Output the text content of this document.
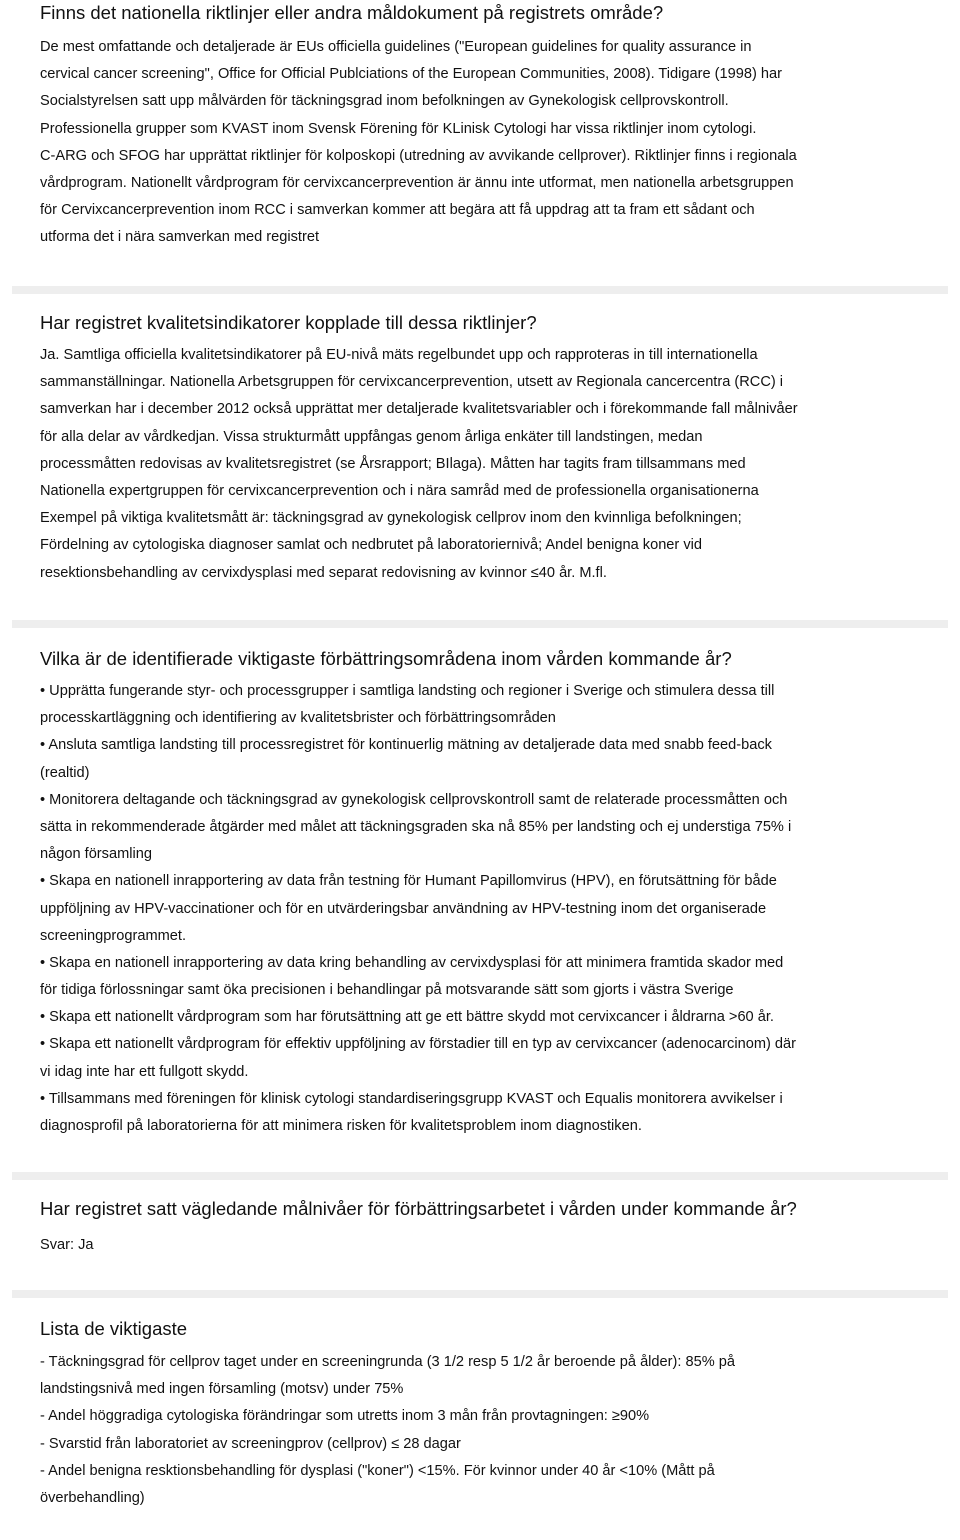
Finns det nationella riktlinjer eller andra måldokument på registrets område?
De mest omfattande och detaljerade är EUs officiella guidelines ("European guidelines for quality assurance in
cervical cancer screening", Office for Official Publciations of the European Communities, 2008). Tidigare (1998) har
Socialstyrelsen satt upp målvärden för täckningsgrad inom befolkningen av Gynekologisk cellprovskontroll.
Professionella grupper som KVAST inom Svensk Förening för KLinisk Cytologi har vissa riktlinjer inom cytologi.
C-ARG och SFOG har upprättat riktlinjer för kolposkopi (utredning av avvikande cellprover). Riktlinjer finns i regionala
vårdprogram. Nationellt vårdprogram för cervixcancerprevention är ännu inte utformat, men nationella arbetsgruppen
för Cervixcancerprevention inom RCC i samverkan kommer att begära att få uppdrag att ta fram ett sådant och
utforma det i nära samverkan med registret
Har registret kvalitetsindikatorer kopplade till dessa riktlinjer?
Ja. Samtliga officiella kvalitetsindikatorer på EU-nivå mäts regelbundet upp och rapproteras in till internationella
sammanställningar. Nationella Arbetsgruppen för cervixcancerprevention, utsett av Regionala cancercentra (RCC) i
samverkan har i december 2012 också upprättat mer detaljerade kvalitetsvariabler och i förekommande fall målnivåer
för alla delar av vårdkedjan. Vissa strukturmått uppfångas genom årliga enkäter till landstingen, medan
processmåtten redovisas av kvalitetsregistret (se Årsrapport; BIlaga). Måtten har tagits fram tillsammans med
Nationella expertgruppen för cervixcancerprevention och i nära samråd med de professionella organisationerna
Exempel på viktiga kvalitetsmått är: täckningsgrad av gynekologisk cellprov inom den kvinnliga befolkningen;
Fördelning av cytologiska diagnoser samlat och nedbrutet på laboratoriernivå; Andel benigna koner vid
resektionsbehandling av cervixdysplasi med separat redovisning av kvinnor ≤40 år. M.fl.
Vilka är de identifierade viktigaste förbättringsområdena inom vården kommande år?
• Upprätta fungerande styr- och processgrupper i samtliga landsting och regioner i Sverige och stimulera dessa till
processkartläggning och identifiering av kvalitetsbrister och förbättringsområden
• Ansluta samtliga landsting till processregistret för kontinuerlig mätning av detaljerade data med snabb feed-back
(realtid)
• Monitorera deltagande och täckningsgrad av gynekologisk cellprovskontroll samt de relaterade processmåtten och
sätta in rekommenderade åtgärder med målet att täckningsgraden ska nå 85% per landsting och ej understiga 75% i
någon församling
• Skapa en nationell inrapportering av data från testning för Humant Papillomvirus (HPV), en förutsättning för både
uppföljning av HPV-vaccinationer och för en utvärderingsbar användning av HPV-testning inom det organiserade
screeningprogrammet.
• Skapa en nationell inrapportering av data kring behandling av cervixdysplasi för att minimera framtida skador med
för tidiga förlossningar samt öka precisionen i behandlingar på motsvarande sätt som gjorts i västra Sverige
• Skapa ett nationellt vårdprogram som har förutsättning att ge ett bättre skydd mot cervixcancer i åldrarna >60 år.
• Skapa ett nationellt vårdprogram för effektiv uppföljning av förstadier till en typ av cervixcancer (adenocarcinom) där
vi idag inte har ett fullgott skydd.
• Tillsammans med föreningen för klinisk cytologi standardiseringsgrupp KVAST och Equalis monitorera avvikelser i
diagnosprofil på laboratorierna för att minimera risken för kvalitetsproblem inom diagnostiken.
Har registret satt vägledande målnivåer för förbättringsarbetet i vården under kommande år?
Svar: Ja
Lista de viktigaste
- Täckningsgrad för cellprov taget under en screeningrunda (3 1/2 resp 5 1/2 år beroende på ålder): 85% på
landstingsnivå med ingen församling (motsv) under 75%
- Andel höggradiga cytologiska förändringar som utretts inom 3 mån från provtagningen: ≥90%
- Svarstid från laboratoriet av screeningprov (cellprov) ≤ 28 dagar
- Andel benigna resktionsbehandling för dysplasi ("koner") <15%. För kvinnor under 40 år <10% (Mått på
överbehandling)
